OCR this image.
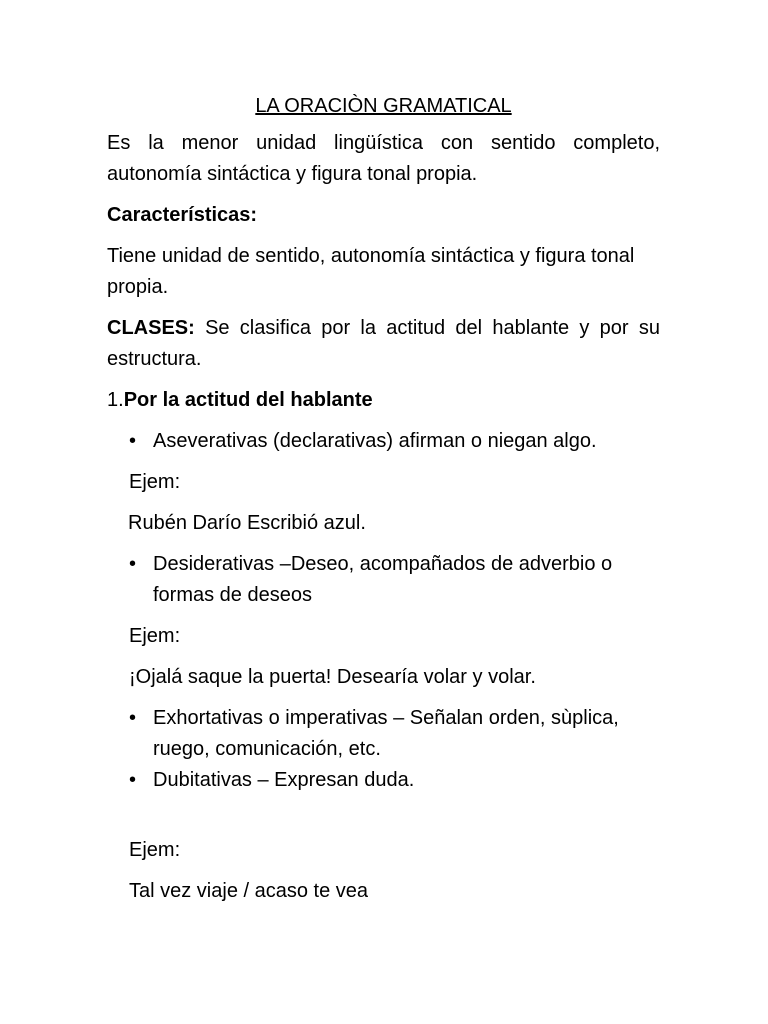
LA ORACIÒN GRAMATICAL

Es la menor unidad lingüística con sentido completo, autonomía sintáctica y figura tonal propia.

Características:

Tiene unidad de sentido, autonomía sintáctica y figura tonal propia.

CLASES: Se clasifica por la actitud del hablante y por su estructura.

1.Por la actitud del hablante

• Aseverativas (declarativas) afirman o niegan algo.

Ejem:

Rubén Darío Escribió azul.

• Desiderativas –Deseo, acompañados de adverbio o formas de deseos

Ejem:

¡Ojalá saque la puerta! Desearía volar y volar.

• Exhortativas o imperativas – Señalan orden, sùplica, ruego, comunicación, etc.
• Dubitativas – Expresan duda.

Ejem:

Tal vez viaje / acaso te vea
